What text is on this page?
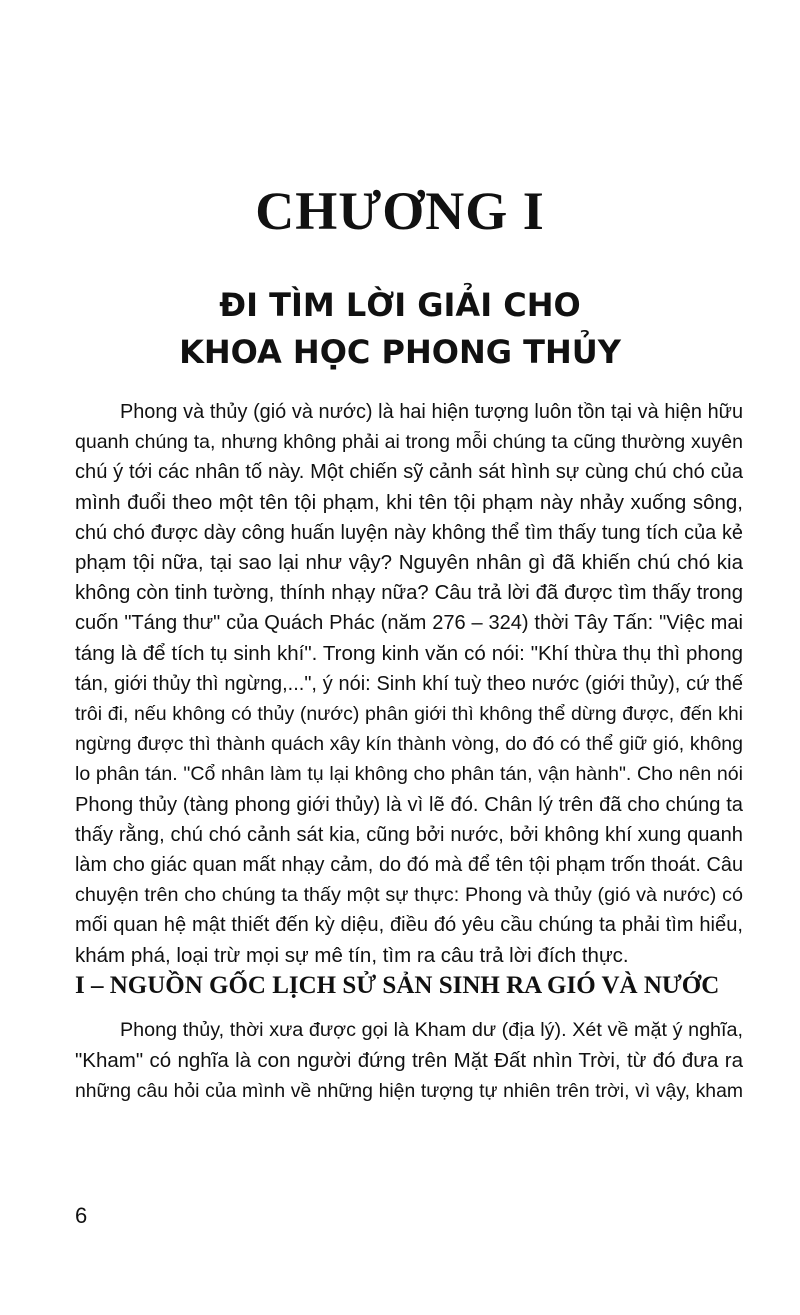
CHƯƠNG I
ĐI TÌM LỜI GIẢI CHO
KHOA HỌC PHONG THỦY
Phong và thủy (gió và nước) là hai hiện tượng luôn tồn tại và hiện hữu
quanh chúng ta, nhưng không phải ai trong mỗi chúng ta cũng thường xuyên
chú ý tới các nhân tố này. Một chiến sỹ cảnh sát hình sự cùng chú chó của
mình đuổi theo một tên tội phạm, khi tên tội phạm này nhảy xuống sông,
chú chó được dày công huấn luyện này không thể tìm thấy tung tích của kẻ
phạm tội nữa, tại sao lại như vậy? Nguyên nhân gì đã khiến chú chó kia
không còn tinh tường, thính nhạy nữa? Câu trả lời đã được tìm thấy trong
cuốn "Táng thư" của Quách Phác (năm 276 – 324) thời Tây Tấn: "Việc mai
táng là để tích tụ sinh khí". Trong kinh văn có nói: "Khí thừa thụ thì phong
tán, giới thủy thì ngừng,...", ý nói: Sinh khí tuỳ theo nước (giới thủy), cứ thế
trôi đi, nếu không có thủy (nước) phân giới thì không thể dừng được, đến khi
ngừng được thì thành quách xây kín thành vòng, do đó có thể giữ gió, không
lo phân tán. "Cổ nhân làm tụ lại không cho phân tán, vận hành". Cho nên nói
Phong thủy (tàng phong giới thủy) là vì lẽ đó. Chân lý trên đã cho chúng ta
thấy rằng, chú chó cảnh sát kia, cũng bởi nước, bởi không khí xung quanh
làm cho giác quan mất nhạy cảm, do đó mà để tên tội phạm trốn thoát. Câu
chuyện trên cho chúng ta thấy một sự thực: Phong và thủy (gió và nước) có
mối quan hệ mật thiết đến kỳ diệu, điều đó yêu cầu chúng ta phải tìm hiểu,
khám phá, loại trừ mọi sự mê tín, tìm ra câu trả lời đích thực.
I – NGUỒN GỐC LỊCH SỬ SẢN SINH RA GIÓ VÀ NƯỚC
Phong thủy, thời xưa được gọi là Kham dư (địa lý). Xét về mặt ý nghĩa,
"Kham" có nghĩa là con người đứng trên Mặt Đất nhìn Trời, từ đó đưa ra
những câu hỏi của mình về những hiện tượng tự nhiên trên trời, vì vậy, kham
6
